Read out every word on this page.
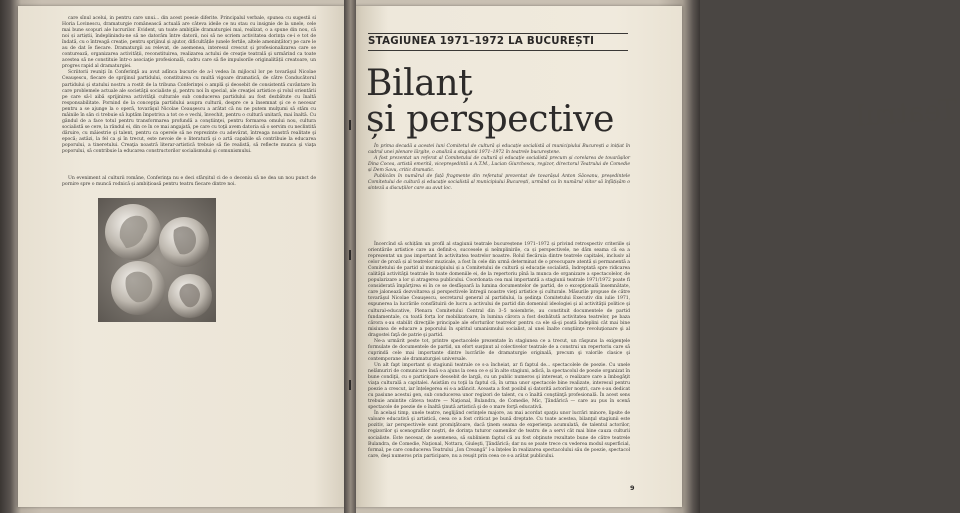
care sînul acelui, in pentru care unui... din acest poesie diferite. Principalul verbale, spunea cu sugestii si Horia Lovinescu, dramaturgie românească actuală are câteva ideile ce nu stau cu insignie de la unele, cele mai bune scopuri ale lucrurilor. Evident, un toate ambiţiile dramaturgiei mai, realizat, o a spune din nou, că noi și artiștii, îndeplinindu-ne să ne datorăm între datorii, noi să ne scriem activitatea dorința ce-i e tot de îndată, cu o întreagă creație, pentru sprijinul și ajutor, dificultățile (unele fertile, altele amenințător) pe care le au de dat îe fiecare. Dramaturgii au relevat, de asemenea, interesul crescut și profesionalizarea care se conturează, organizarea activității, reconstituirea, realizarea actului de creaţie teatrală şi urmărind ca toate acestea să ne constituie într-o asociaţie profesională, cadru care să fie impulsorile originalității creatoare, un progres rapid al dramaturgiei.

Scriitorii reuniţi în Conferinţă au avut adînca bucurie de a-l vedea în mijlocul lor pe tovarăşul Nicolae Ceauşescu, fiecare de sprijinul partidului, constituirea cu multă vigoare dramatică, de către Conducătorul partidului şi statului nostru a rostit de la tribuna Conferinţei o amplă şi deosebit de consistentă cuvântare în care problemele actuale ale societăţii socialiste şi, pentru noi în special, ale creaţiei artistice şi rolul orientării pe care să-l aibă sprijinirea activităţii culturale sub conducerea partidului au fost dezbătute cu înaltă responsabilitate. Pornind de la concepţia partidului asupra culturii, despre ce a însemnat şi ce e necesar pentru a se ajunge la o operă, tovarăşul Nicolae Ceauşescu a arătat că nu ne putem mulţumi să stăm cu mâinile în sân ci trebuie să luptăm împotriva a tot ce e vechi, învechit, pentru o cultură unitară, mai înaltă. Cu gândul de a face totul pentru transformarea profundă a conştiinţei, pentru formarea omului nou, cultura socialistă se cere, la rândul ei, din ce în ce mai angajată, pe care cu toţii avem datoria să o servim cu neclintită dăruire, cu măiestrie şi talent, pentru ca operele să ne reprezinte cu adevărat, întreaga noastră realitate şi epocă; astăzi, la fel ca şi în trecut, este nevoie de o literatură şi o artă capabile să contribuie la educarea poporului, a tineretului. Creaţia noastră literar-artistică trebuie să fie realistă, să reflecte munca şi viaţa poporului, să contribuie la educarea constructorilor socialismului şi comunismului.

Un eveniment al culturii române, Conferinţa nu e deci sfârșitul ci de o deceniu să ne dea un nou punct de pornire spre o muncă rodnică și ambițioasă pentru teatru fiecare dintre noi.

Teatrul
STAGIUNEA 1971–1972 LA BUCUREȘTI
Bilanț
și perspective

În prima decadă a acestei luni Comitetul de cultură și educație socialistă al municipiului București a inițiat în cadrul unei plenare lărgite, o analiză a stagiunii 1971–1972 în teatrele bucureștene.

A fost prezentat un referat al Comitetului de cultură și educație socialistă precum și corelarea de tovarășilor Dina Cocea, artistă emerită, vicepreşedintă a A.T.M., Lucian Giurchescu, regizor, directorul Teatrului de Comedie și Dem Savu, critic dramatic.

Publicăm în numărul de față fragmente din referatul prezentat de tovarășul Anton Săceanu, președintele Comitetului de cultură și educație socialistă al municipiului București, urmând ca în numărul viitor să înfățișăm o sinteză a discuțiilor care au avut loc.

Încercînd să schițăm un profil al stagiunii teatrale bucureștene 1971–1972 și privind retrospectiv criteriile și orientările artistice care au definit-o, succesele și neîmplinirile, ca și perspectivele, ne dăm seama că ea a reprezentat un pas important în activitatea teatrelor noastre. Rolul fiecăruia dintre teatrele capitalei, inclusiv al celor de proză și al teatrelor muzicale, a fost în cele din urmă determinat de o preocupare atentă și permanentă a Comitetului de partid al municipiului și a Comitetului de cultură și educație socialistă, îndreptată spre ridicarea calităţii activităţii teatrale în toate domeniile ei, de la repertoriu pînă la munca de organizare a spectacolelor, de popularizare a lor și atragerea publicului. Coordonata cea mai importantă a stagiunii teatrale 1971/1972 poate fi considerată împărţirea ei în ce se desfăşoară la lumina documentelor de partid, de o excepţională însemnătate, care jalonează dezvoltarea şi perspectivele întregii noastre vieţi artistice şi culturale. Măsurile propuse de către tovarăşul Nicolae Ceauşescu, secretarul general al partidului, la şedinţa Comitetului Executiv din iulie 1971, expunerea la lucrările consfătuirii de lucru a activului de partid din domeniul ideologiei şi al activităţii politice şi cultural-educative, Plenara Comitetului Central din 3–5 noiembrie, au constituit documentele de partid fundamentale, cu toată forța lor mobilizatoare, în lumina cărora a fost dezbătută activitatea teatrelor, pe baza cărora s-au stabilit direcţiile principale ale eforturilor teatrelor pentru ca ele să-şi poată îndeplini cât mai bine misiunea de educare a poporului în spiritul umanismului socialist, al unei înalte conştiinţe revoluţionare şi al dragostei faţă de patrie şi partid.

Ne-a urmărit peste tot, printre spectacolele prezentate în stagiunea ce a trecut, un răspuns la exigenţele formulate de documentele de partid, un efort susţinut al colectivelor teatrale de a construi un repertoriu care să cuprindă cele mai importante dintre lucrările de dramaturgie originală, precum şi valorile clasice şi contemporane ale dramaturgiei universale.

Un alt fapt important și stagiunii teatrale ce s-a încheiat, ar fi faptul de... spectacolele de poezie. Cu unele nelămuriri de comunicare însă s-a ajuns la ceea ce e și în alte stagiuni, adică, la spectacolul de poezie organizat în bune condiţii, cu o participare deosebit de largă, cu un public numeros şi interesat, o realizare care a îmbogăţit viaţa culturală a capitalei. Asistăm cu toţii la faptul că, în urma unor spectacole bine realizate, interesul pentru poezie a crescut, iar înțelegerea ei s-a adâncit. Aceasta a fost posibil și datorită actorilor noștri, care s-au dedicat cu pasiune acestui gen, sub conducerea unor regizori de talent, cu o înaltă conştiinţă profesională. În acest sens trebuie amintite câteva teatre — Naţional, Bulandra, de Comedie, Mic, Ţăndărică — care au pus în scenă spectacole de poezie de o înaltă ţinută artistică şi de o mare forţă educativă.

În același timp, unele teatre, neglijând cerinţele majore, au mai acordat spaţiu unor lucrări minore, lipsite de valoare educativă şi artistică, ceea ce a fost criticat pe bună dreptate. Cu toate acestea, bilanţul stagiunii este pozitiv, iar perspectivele sunt promiţătoare, dacă ţinem seama de experienţa acumulată, de talentul actorilor, regizorilor şi scenografilor noştri, de dorinţa tuturor oamenilor de teatru de a servi cât mai bine cauza culturii socialiste. Este necesar, de asemenea, să subliniem faptul că au fost obţinute rezultate bune de către teatrele Bulandra, de Comedie, Naţional, Nottara, Giuleşti, Ţăndărică; dar nu se poate trece cu vederea modul superficial, formal, pe care conducerea Teatrului „Ion Creangă” l-a înțeles în realizarea spectacolului său de poezie, spectacol care, deşi numeros prin participare, nu a reuşit prin ceea ce s-a arătat publicului.

9
